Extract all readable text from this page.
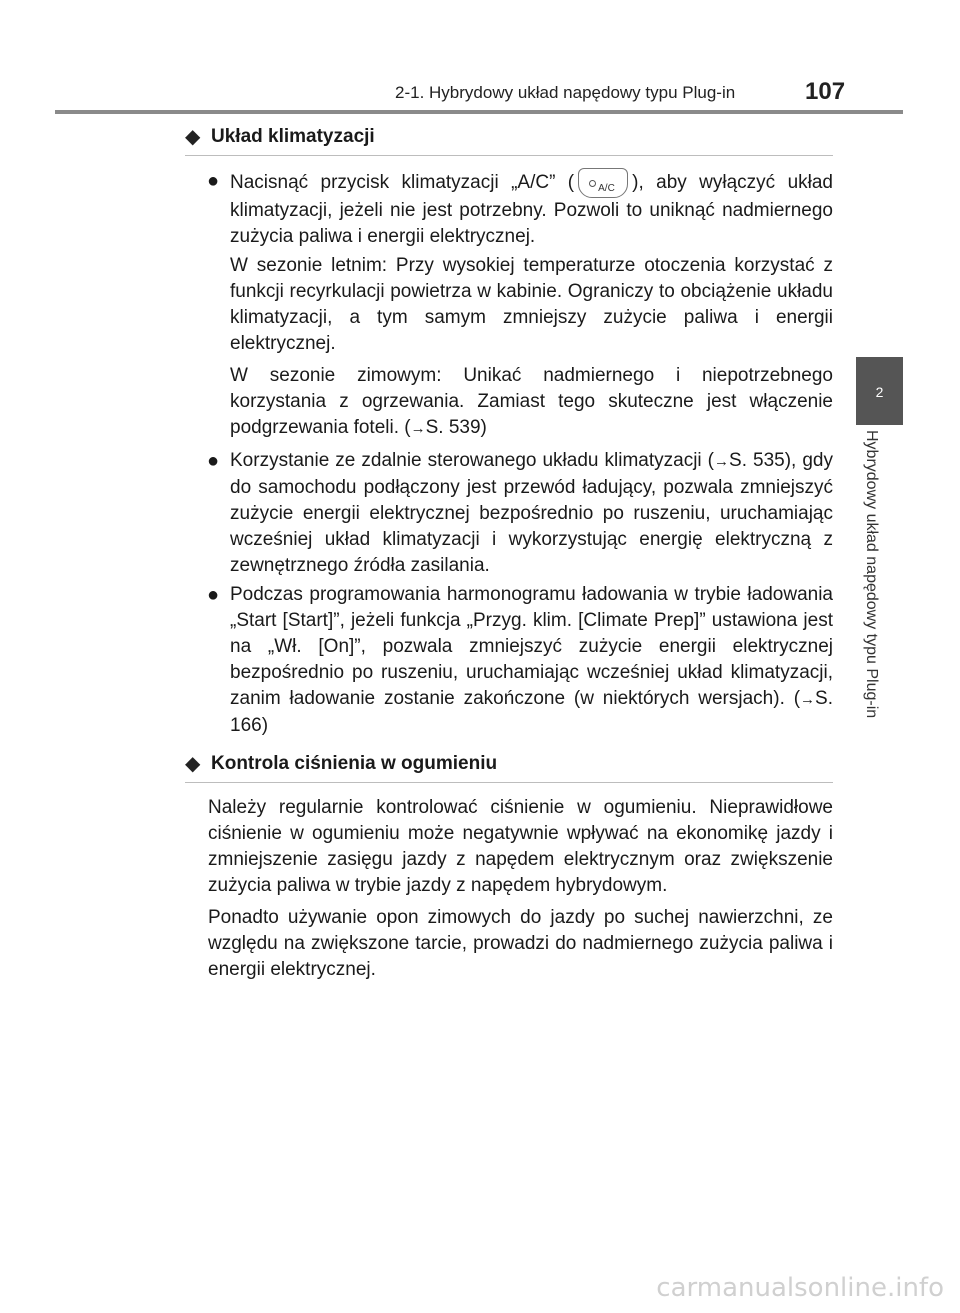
2-1. Hybrydowy układ napędowy typu Plug-in	107
2
Hybrydowy układ napędowy typu Plug-in
◆ Układ klimatyzacji
● Nacisnąć przycisk klimatyzacji „A/C” ( A/C ), aby wyłączyć układ klimatyzacji, jeżeli nie jest potrzebny. Pozwoli to uniknąć nadmiernego zużycia paliwa i energii elektrycznej.
W sezonie letnim: Przy wysokiej temperaturze otoczenia korzystać z funkcji recyrkulacji powietrza w kabinie. Ograniczy to obciążenie układu klimatyzacji, a tym samym zmniejszy zużycie paliwa i energii elektrycznej.
W sezonie zimowym: Unikać nadmiernego i niepotrzebnego korzystania z ogrzewania. Zamiast tego skuteczne jest włączenie podgrzewania foteli. (→S. 539)
● Korzystanie ze zdalnie sterowanego układu klimatyzacji (→S. 535), gdy do samochodu podłączony jest przewód ładujący, pozwala zmniejszyć zużycie energii elektrycznej bezpośrednio po ruszeniu, uruchamiając wcześniej układ klimatyzacji i wykorzystując energię elektryczną z zewnętrznego źródła zasilania.
● Podczas programowania harmonogramu ładowania w trybie ładowania „Start [Start]”, jeżeli funkcja „Przyg. klim. [Climate Prep]” ustawiona jest na „Wł. [On]”, pozwala zmniejszyć zużycie energii elektrycznej bezpośrednio po ruszeniu, uruchamiając wcześniej układ klimatyzacji, zanim ładowanie zostanie zakończone (w niektórych wersjach). (→S. 166)
◆ Kontrola ciśnienia w ogumieniu
Należy regularnie kontrolować ciśnienie w ogumieniu. Nieprawidłowe ciśnienie w ogumieniu może negatywnie wpływać na ekonomikę jazdy i zmniejszenie zasięgu jazdy z napędem elektrycznym oraz zwiększenie zużycia paliwa w trybie jazdy z napędem hybrydowym.
Ponadto używanie opon zimowych do jazdy po suchej nawierzchni, ze względu na zwiększone tarcie, prowadzi do nadmiernego zużycia paliwa i energii elektrycznej.
carmanualsonline.info
